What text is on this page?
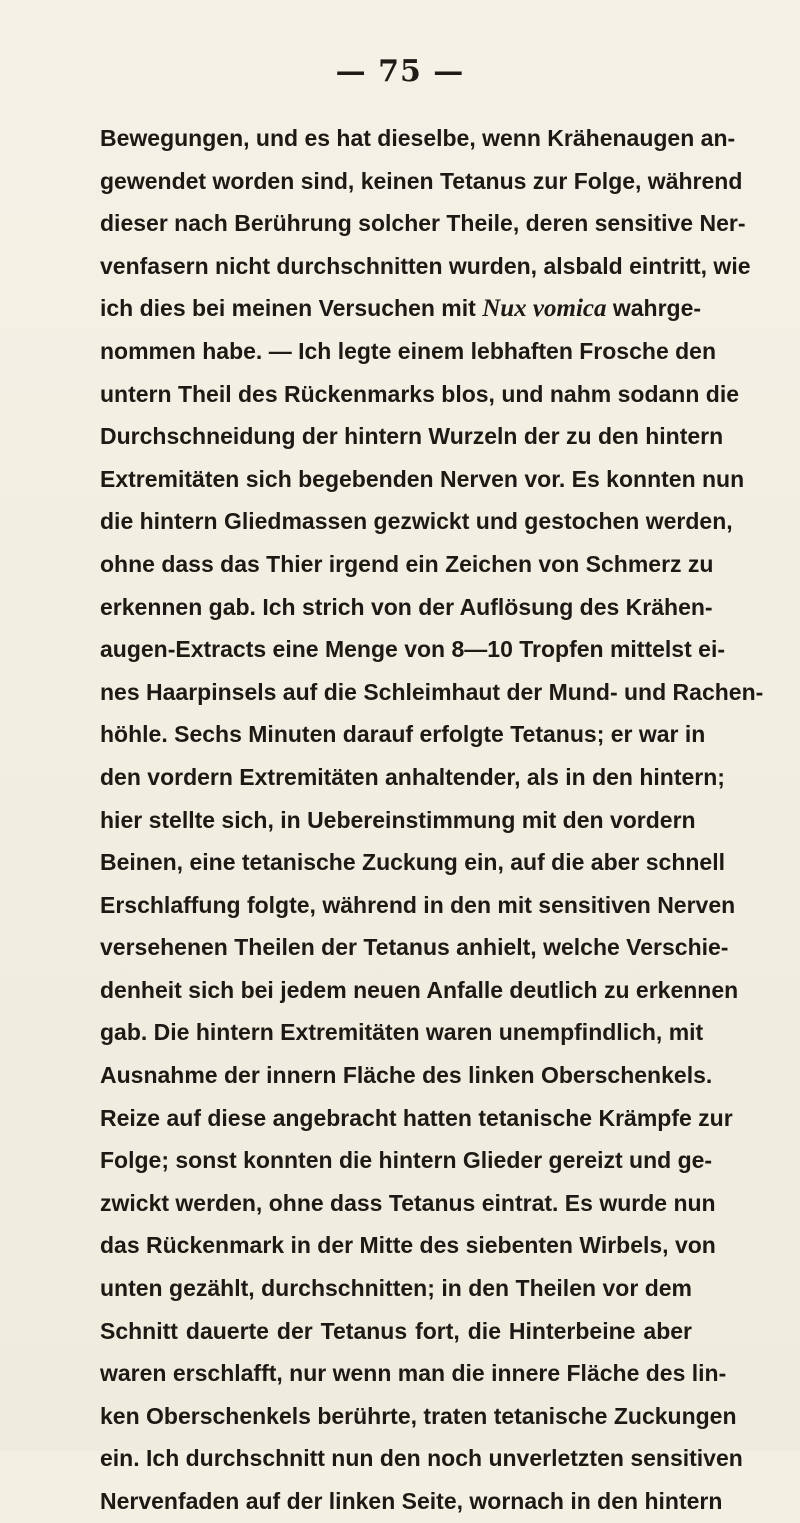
— 75 —
Bewegungen, und es hat dieselbe, wenn Krähenaugen an-
gewendet worden sind, keinen Tetanus zur Folge, während
dieser nach Berührung solcher Theile, deren sensitive Ner-
venfasern nicht durchschnitten wurden, alsbald eintritt, wie
ich dies bei meinen Versuchen mit Nux vomica wahrge-
nommen habe. — Ich legte einem lebhaften Frosche den
untern Theil des Rückenmarks blos, und nahm sodann die
Durchschneidung der hintern Wurzeln der zu den hintern
Extremitäten sich begebenden Nerven vor. Es konnten nun
die hintern Gliedmassen gezwickt und gestochen werden,
ohne dass das Thier irgend ein Zeichen von Schmerz zu
erkennen gab. Ich strich von der Auflösung des Krähen-
augen-Extracts eine Menge von 8—10 Tropfen mittelst ei-
nes Haarpinsels auf die Schleimhaut der Mund- und Rachen-
höhle. Sechs Minuten darauf erfolgte Tetanus; er war in
den vordern Extremitäten anhaltender, als in den hintern;
hier stellte sich, in Uebereinstimmung mit den vordern
Beinen, eine tetanische Zuckung ein, auf die aber schnell
Erschlaffung folgte, während in den mit sensitiven Nerven
versehenen Theilen der Tetanus anhielt, welche Verschie-
denheit sich bei jedem neuen Anfalle deutlich zu erkennen
gab. Die hintern Extremitäten waren unempfindlich, mit
Ausnahme der innern Fläche des linken Oberschenkels.
Reize auf diese angebracht hatten tetanische Krämpfe zur
Folge; sonst konnten die hintern Glieder gereizt und ge-
zwickt werden, ohne dass Tetanus eintrat. Es wurde nun
das Rückenmark in der Mitte des siebenten Wirbels, von
unten gezählt, durchschnitten; in den Theilen vor dem
Schnitt dauerte der Tetanus fort, die Hinterbeine aber
waren erschlafft, nur wenn man die innere Fläche des lin-
ken Oberschenkels berührte, traten tetanische Zuckungen
ein. Ich durchschnitt nun den noch unverletzten sensitiven
Nervenfaden auf der linken Seite, wornach in den hintern
